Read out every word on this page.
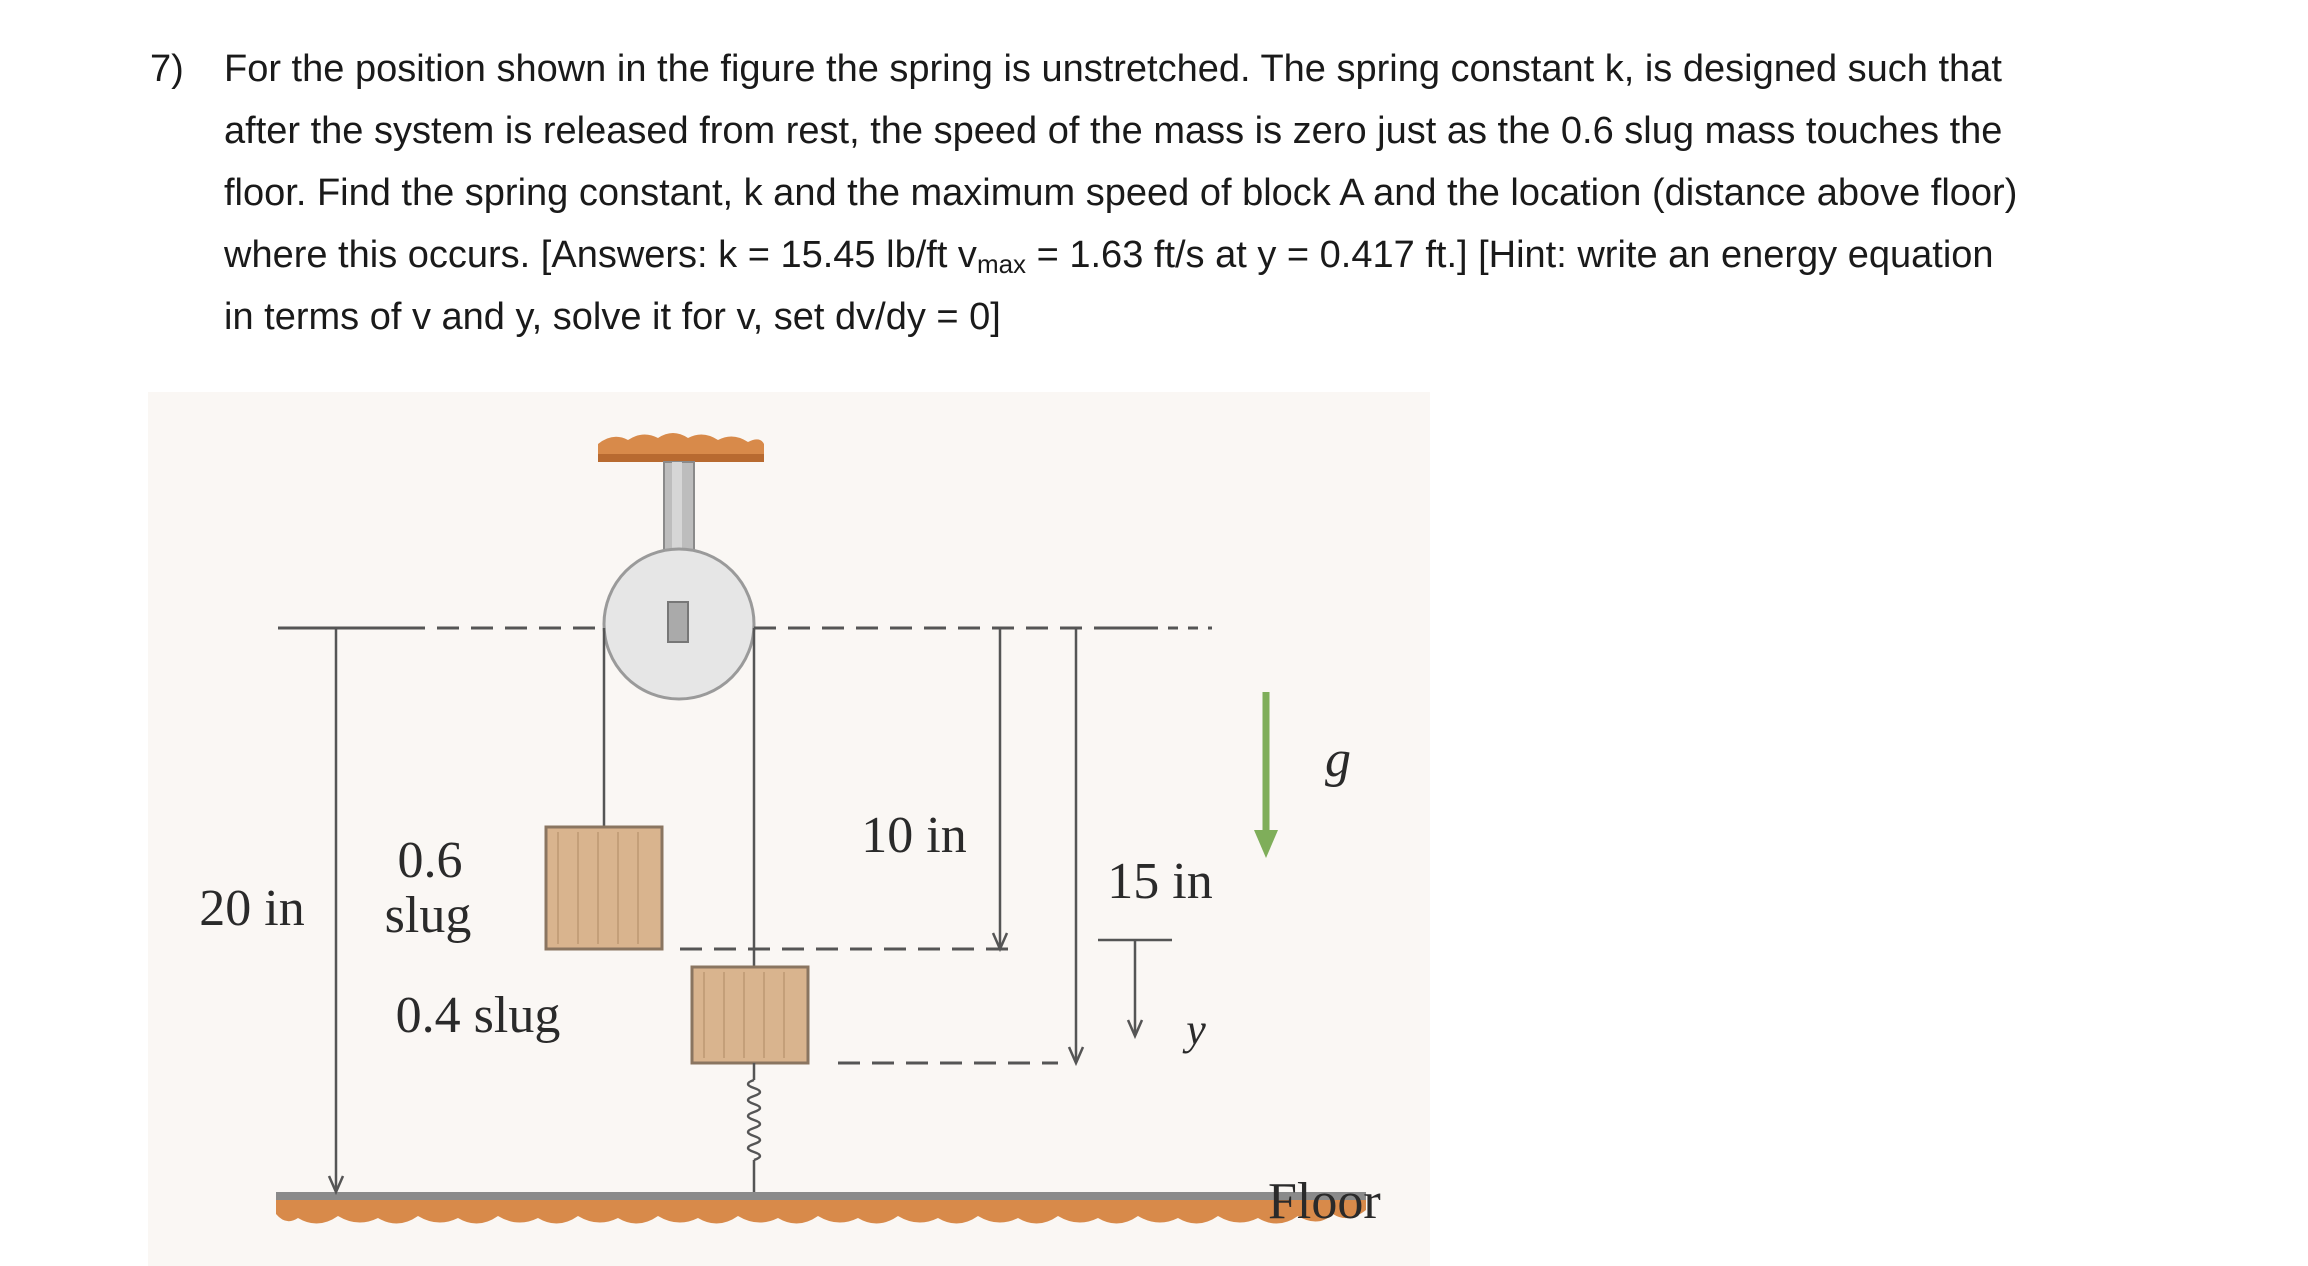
7) For the position shown in the figure the spring is unstretched. The spring constant k, is designed such that after the system is released from rest, the speed of the mass is zero just as the 0.6 slug mass touches the floor. Find the spring constant, k and the maximum speed of block A and the location (distance above floor) where this occurs. [Answers: k = 15.45 lb/ft $v_{max} = 1.63$ ft/s at y = 0.417 ft.] [Hint: write an energy equation in terms of v and y, solve it for v, set dv/dy = 0]
0.6
slug
0.4 slug
20 in
10 in
15 in
g
y
Floor
